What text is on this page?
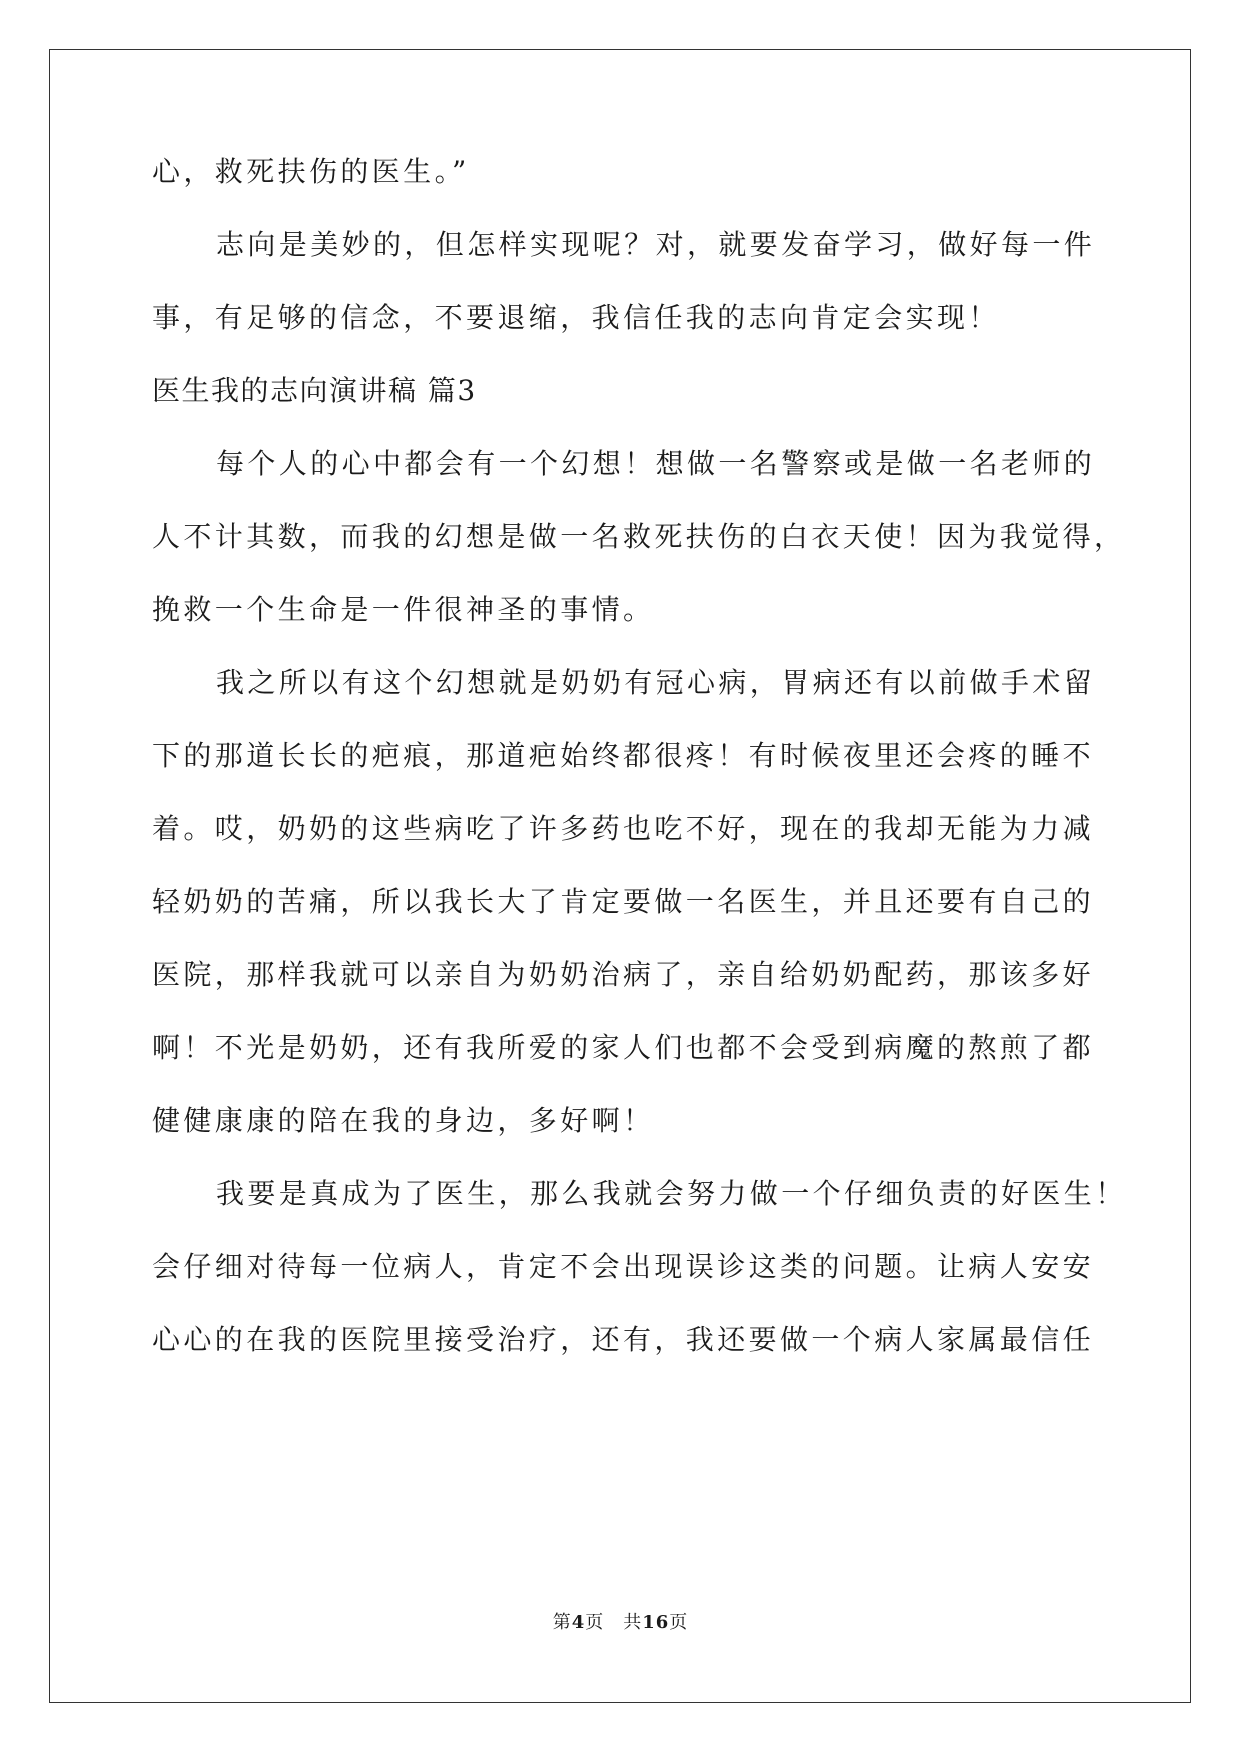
心，救死扶伤的医生。”
志向是美妙的，但怎样实现呢？对，就要发奋学习，做好每一件
事，有足够的信念，不要退缩，我信任我的志向肯定会实现！
医生我的志向演讲稿 篇3
每个人的心中都会有一个幻想！想做一名警察或是做一名老师的
人不计其数，而我的幻想是做一名救死扶伤的白衣天使！因为我觉得，
挽救一个生命是一件很神圣的事情。
我之所以有这个幻想就是奶奶有冠心病，胃病还有以前做手术留
下的那道长长的疤痕，那道疤始终都很疼！有时候夜里还会疼的睡不
着。哎，奶奶的这些病吃了许多药也吃不好，现在的我却无能为力减
轻奶奶的苦痛，所以我长大了肯定要做一名医生，并且还要有自己的
医院，那样我就可以亲自为奶奶治病了，亲自给奶奶配药，那该多好
啊！不光是奶奶，还有我所爱的家人们也都不会受到病魔的熬煎了都
健健康康的陪在我的身边，多好啊！
我要是真成为了医生，那么我就会努力做一个仔细负责的好医生！
会仔细对待每一位病人，肯定不会出现误诊这类的问题。让病人安安
心心的在我的医院里接受治疗，还有，我还要做一个病人家属最信任
第4页　共16页
